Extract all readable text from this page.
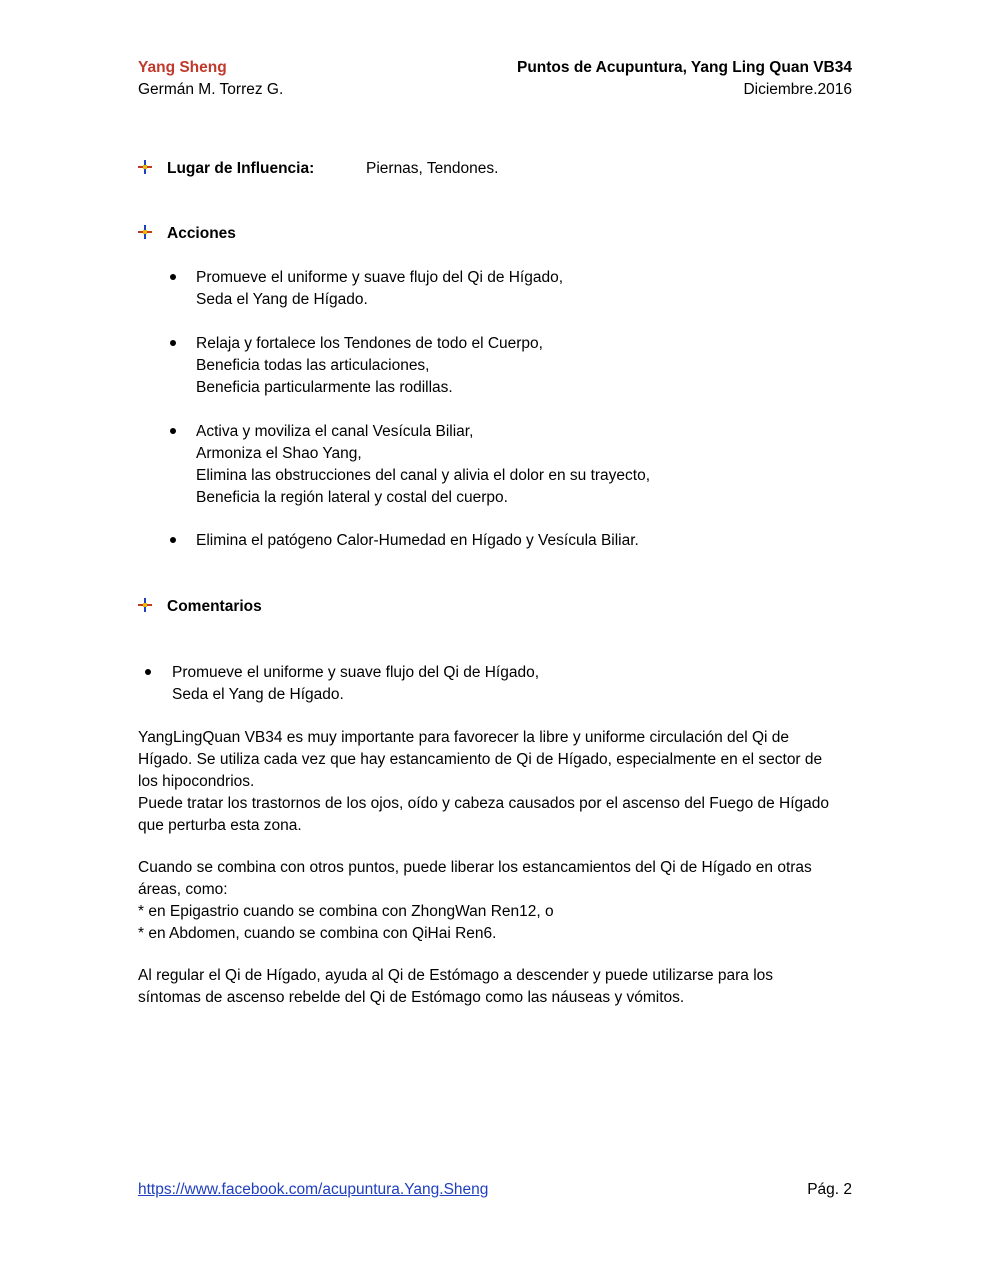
Yang Sheng
Germán M. Torrez G.
Puntos de Acupuntura, Yang Ling Quan VB34
Diciembre.2016
Lugar de Influencia:	Piernas, Tendones.
Acciones
Promueve el uniforme y suave flujo del Qi de Hígado,
Seda el Yang de Hígado.
Relaja y fortalece los Tendones de todo el Cuerpo,
Beneficia todas las articulaciones,
Beneficia particularmente las rodillas.
Activa y moviliza el canal Vesícula Biliar,
Armoniza el Shao Yang,
Elimina las obstrucciones del canal y alivia el dolor en su trayecto,
Beneficia la región lateral y costal del cuerpo.
Elimina el patógeno Calor-Humedad en Hígado y Vesícula Biliar.
Comentarios
Promueve el uniforme y suave flujo del Qi de Hígado,
Seda el Yang de Hígado.
YangLingQuan VB34 es muy importante para favorecer la libre y uniforme circulación del Qi de
Hígado. Se utiliza cada vez que hay estancamiento de Qi de Hígado, especialmente en el sector de
los hipocondrios.
Puede tratar los trastornos de los ojos, oído y cabeza causados por el ascenso del Fuego de Hígado
que perturba esta zona.
Cuando se combina con otros puntos, puede liberar los estancamientos del Qi de Hígado en otras
áreas, como:
* en Epigastrio cuando se combina con ZhongWan Ren12, o
* en Abdomen, cuando se combina con QiHai Ren6.
Al regular el Qi de Hígado, ayuda al Qi de Estómago a descender y puede utilizarse para los
síntomas de ascenso rebelde del Qi de Estómago como las náuseas y vómitos.
https://www.facebook.com/acupuntura.Yang.Sheng	Pág. 2
